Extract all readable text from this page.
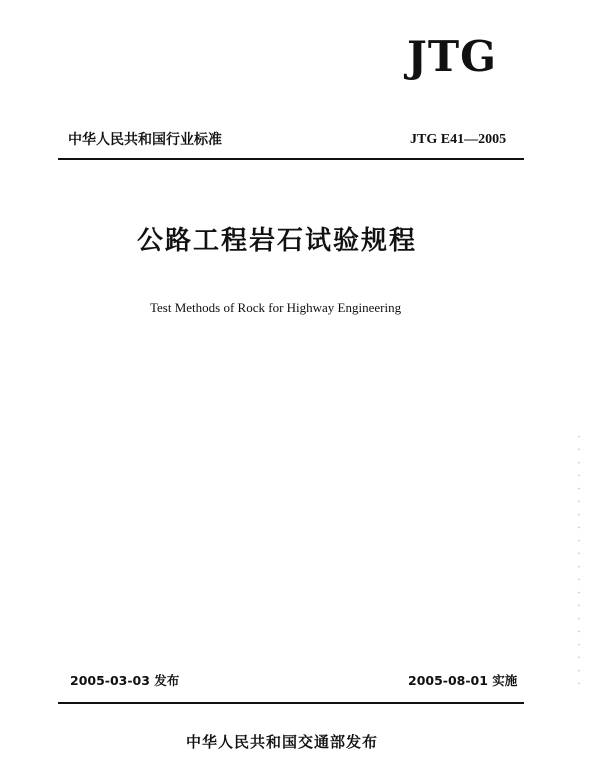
JTG
中华人民共和国行业标准	JTG E41—2005
公路工程岩石试验规程
Test Methods of Rock for Highway Engineering
2005-03-03 发布	2005-08-01 实施
中华人民共和国交通部发布
